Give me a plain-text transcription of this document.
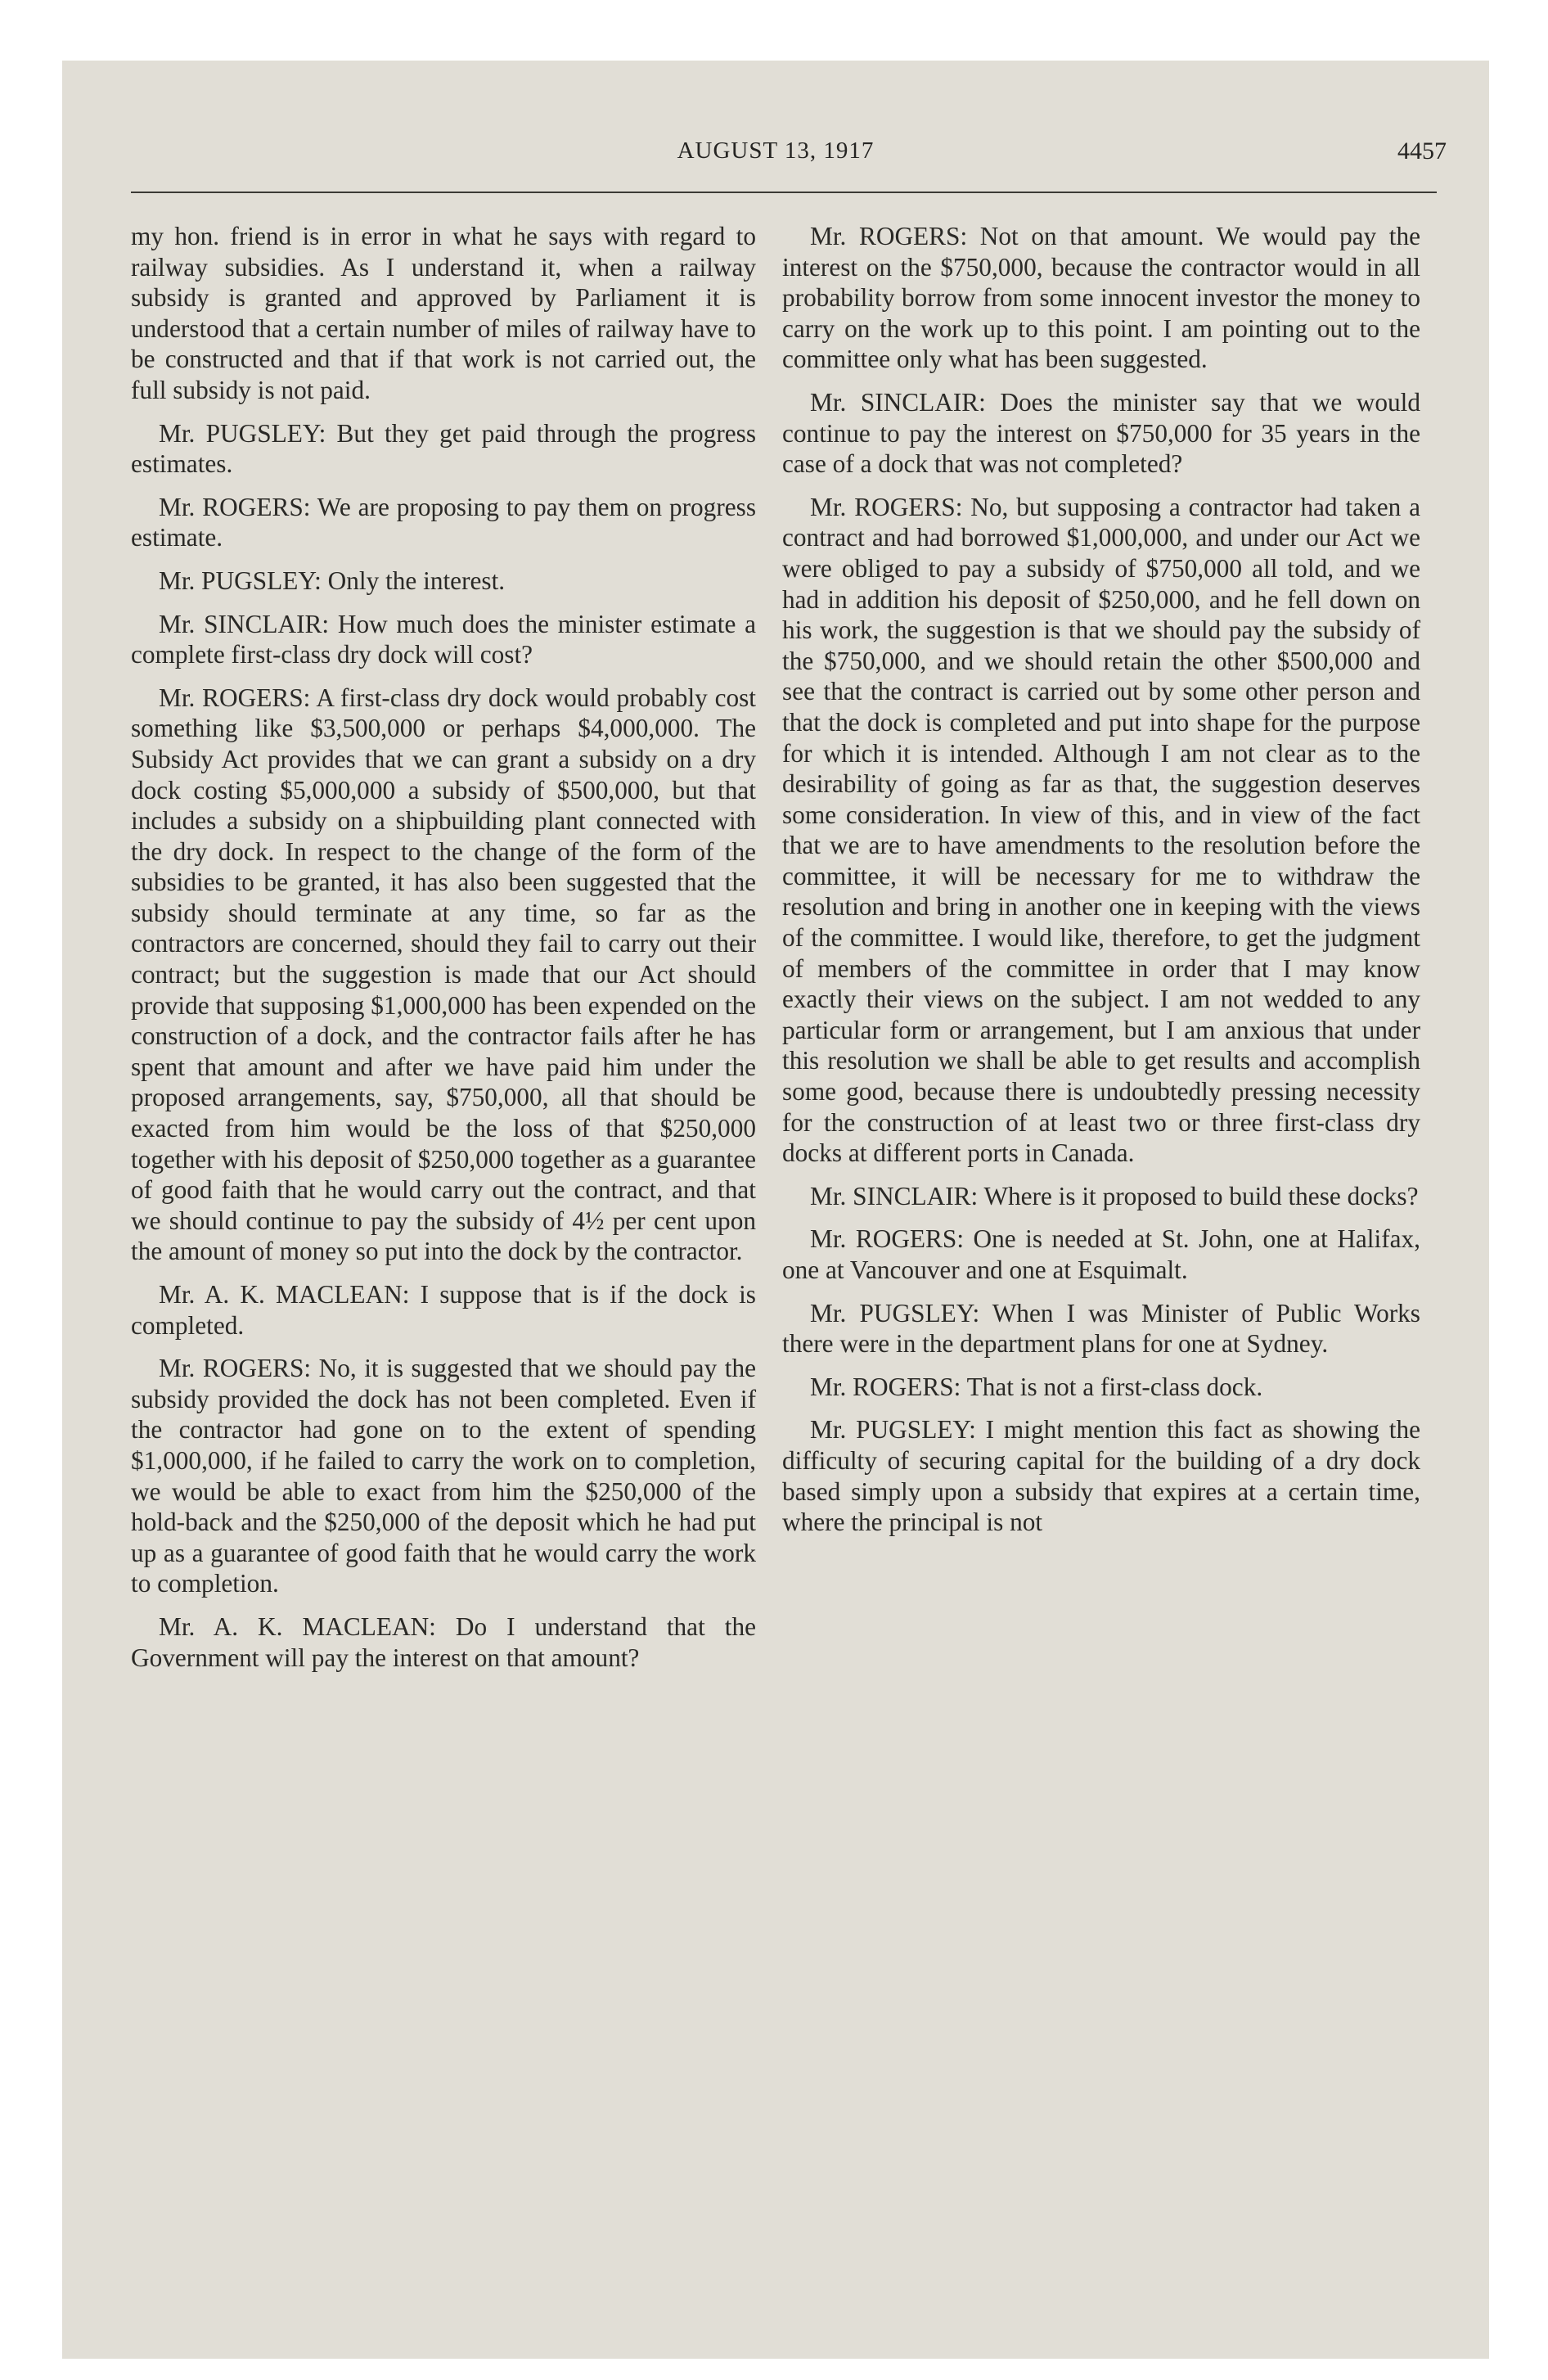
AUGUST 13, 1917	4457

my hon. friend is in error in what he says with regard to railway subsidies. As I understand it, when a railway subsidy is granted and approved by Parliament it is understood that a certain number of miles of railway have to be constructed and that if that work is not carried out, the full subsidy is not paid.

Mr. PUGSLEY: But they get paid through the progress estimates.

Mr. ROGERS: We are proposing to pay them on progress estimate.

Mr. PUGSLEY: Only the interest.

Mr. SINCLAIR: How much does the minister estimate a complete first-class dry dock will cost?

Mr. ROGERS: A first-class dry dock would probably cost something like $3,500,000 or perhaps $4,000,000. The Subsidy Act provides that we can grant a subsidy on a dry dock costing $5,000,000 a subsidy of $500,000, but that includes a subsidy on a shipbuilding plant connected with the dry dock. In respect to the change of the form of the subsidies to be granted, it has also been suggested that the subsidy should terminate at any time, so far as the contractors are concerned, should they fail to carry out their contract; but the suggestion is made that our Act should provide that supposing $1,000,000 has been expended on the construction of a dock, and the contractor fails after he has spent that amount and after we have paid him under the proposed arrangements, say, $750,000, all that should be exacted from him would be the loss of that $250,000 together with his deposit of $250,000 together as a guarantee of good faith that he would carry out the contract, and that we should continue to pay the subsidy of 4½ per cent upon the amount of money so put into the dock by the contractor.

Mr. A. K. MACLEAN: I suppose that is if the dock is completed.

Mr. ROGERS: No, it is suggested that we should pay the subsidy provided the dock has not been completed. Even if the contractor had gone on to the extent of spending $1,000,000, if he failed to carry the work on to completion, we would be able to exact from him the $250,000 of the hold-back and the $250,000 of the deposit which he had put up as a guarantee of good faith that he would carry the work to completion.

Mr. A. K. MACLEAN: Do I understand that the Government will pay the interest on that amount?

Mr. ROGERS: Not on that amount. We would pay the interest on the $750,000, because the contractor would in all probability borrow from some innocent investor the money to carry on the work up to this point. I am pointing out to the committee only what has been suggested.

Mr. SINCLAIR: Does the minister say that we would continue to pay the interest on $750,000 for 35 years in the case of a dock that was not completed?

Mr. ROGERS: No, but supposing a contractor had taken a contract and had borrowed $1,000,000, and under our Act we were obliged to pay a subsidy of $750,000 all told, and we had in addition his deposit of $250,000, and he fell down on his work, the suggestion is that we should pay the subsidy of the $750,000, and we should retain the other $500,000 and see that the contract is carried out by some other person and that the dock is completed and put into shape for the purpose for which it is intended. Although I am not clear as to the desirability of going as far as that, the suggestion deserves some consideration. In view of this, and in view of the fact that we are to have amendments to the resolution before the committee, it will be necessary for me to withdraw the resolution and bring in another one in keeping with the views of the committee. I would like, therefore, to get the judgment of members of the committee in order that I may know exactly their views on the subject. I am not wedded to any particular form or arrangement, but I am anxious that under this resolution we shall be able to get results and accomplish some good, because there is undoubtedly pressing necessity for the construction of at least two or three first-class dry docks at different ports in Canada.

Mr. SINCLAIR: Where is it proposed to build these docks?

Mr. ROGERS: One is needed at St. John, one at Halifax, one at Vancouver and one at Esquimalt.

Mr. PUGSLEY: When I was Minister of Public Works there were in the department plans for one at Sydney.

Mr. ROGERS: That is not a first-class dock.

Mr. PUGSLEY: I might mention this fact as showing the difficulty of securing capital for the building of a dry dock based simply upon a subsidy that expires at a certain time, where the principal is not
